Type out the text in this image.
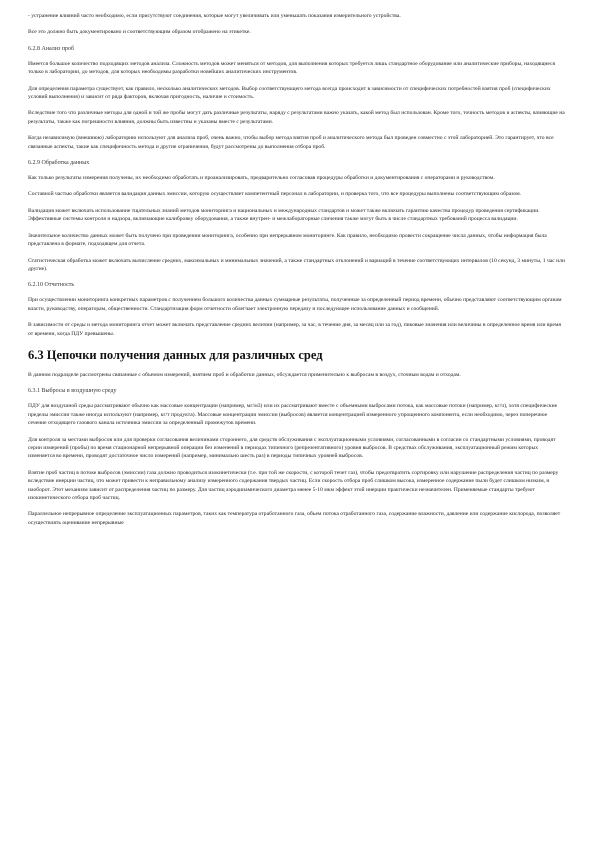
- устранение влияний часто необходимо, если присутствуют соединения, которые могут увеличивать или уменьшать показания измерительного устройства.

Все это должно быть документировано и соответствующим образом отображено на этикетке.

6.2.8 Анализ проб

Имеется большое количество подходящих методов анализа. Сложность методов может меняться от методов, для выполнения которых требуется лишь стандартное оборудование или аналитические приборы, находящиеся только в лаборатории, до методов, для которых необходимы разработки новейших аналитических инструментов.

Для определения параметра существует, как правило, несколько аналитических методов. Выбор соответствующего метода всегда происходит в зависимости от специфических потребностей взятия проб (специфических условий выполнения) и зависит от ряда факторов, включая пригодность, наличие и стоимость.

Вследствие того что различные методы для одной и той же пробы могут дать различные результаты, наряду с результатами важно указать, какой метод был использован. Кроме того, точность методов и аспекты, влияющие на результаты, также как погрешности влияния, должны быть известны и указаны вместе с результатами.

Когда независимую (внешнюю) лабораторию используют для анализа проб, очень важно, чтобы выбор метода взятия проб и аналитического метода был проведен совместно с этой лабораторией. Это гарантирует, что все связанные аспекты, такие как специфичность метода и другие ограничения, будут рассмотрены до выполнения отбора проб.

6.2.9 Обработка данных

Как только результаты измерения получены, их необходимо обработать и проанализировать, предварительно согласовав процедуры обработки и документирования с операторами и руководством.

Составной частью обработки является валидация данных эмиссии, которую осуществляет компетентный персонал в лаборатории, и проверка того, что все процедуры выполнены соответствующим образом.

Валидация может включать использование тщательных знаний методов мониторинга и национальных и международных стандартов и может также включать гарантию качества процедур проведения сертификации. Эффективные системы контроля и надзора, включающие калибровку оборудования, а также внутрен- и межлабораторные сличения также могут быть в числе стандартных требований процесса валидации.

Значительное количество данных может быть получено при проведении мониторинга, особенно при непрерывном мониторинге. Как правило, необходимо провести сокращение числа данных, чтобы информация была представлена в формате, подходящем для отчета.

Статистическая обработка может включать вычисление средних, максимальных и минимальных значений, а также стандартных отклонений и вариаций в течение соответствующих интервалов (10 секунд, 3 минуты, 1 час или другие).

6.2.10 Отчетность

При осуществлении мониторинга конкретных параметров с получением большого количества данных суммарные результаты, полученные за определенный период времени, обычно представляют соответствующим органам власти, руководству, операторам, общественности. Стандартизация форм отчетности облегчает электронную передачу и последующее использование данных и сообщений.

В зависимости от среды и метода мониторинга отчет может включать представление средних величин (например, за час, в течение дня, за месяц или за год), пиковые значения или величины в определенное время или время от времени, когда ПДУ превышены.

6.3 Цепочки получения данных для различных сред

В данном подразделе рассмотрены связанные с объемом измерений, взятием проб и обработки данных, обсуждается применительно к выбросам в воздух, сточным водам и отходам.

6.3.1 Выбросы в воздушную среду

ПДУ для воздушной среды рассматривают обычно как массовые концентрации (например, мг/м3) или их рассматривают вместе с объемными выбросами потока, как массовые потоки (например, кг/ч), хотя специфические пределы эмиссии также иногда используют (например, кг/т продукта). Массовые концентрации эмиссии (выбросов) является концентрацией измеренного упрощенного компонента, если необходимо, через поперечное сечение отходящего газового канала источника эмиссии за определенный промежуток времени.

Для контроля за местами выбросов или для проверки согласования величинами стороннего, для средств обслуживания с эксплуатационными условиями, согласованными в согласии со стандартными условиями, проводят серии измерений (пробы) по время стационарной непрерывной операции без изменений в периодах типичного (репрезентативного) уровня выбросов. В средствах обслуживания, эксплуатационный режим которых изменяется во времени, проводят достаточное число измерений (например, минимально шесть раз) в периоды типичных уровней выбросов.

Взятие проб частиц в потоке выбросов (эмиссии) газа должно проводиться изокинетически (т.е. при той же скорости, с которой течет газ), чтобы предотвратить сортировку или нарушение распределения частиц по размеру вследствие инерции частиц, что может привести к неправильному анализу измеренного содержания твердых частиц. Если скорость отбора проб слишком высока, измеренное содержание пыли будет слишком низким, и наоборот. Этот механизм зависит от распределения частиц по размеру. Для частиц аэродинамического диаметра менее 5-10 мкм эффект этой инерции практически незначителен. Применяемые стандарты требуют изокинетического отбора проб частиц.

Параллельное непрерывное определение эксплуатационных параметров, таких как температура отработанного газа, объем потока отработанного газа, содержание влажности, давление или содержание кислорода, позволяет осуществлять оценивание непрерывные
